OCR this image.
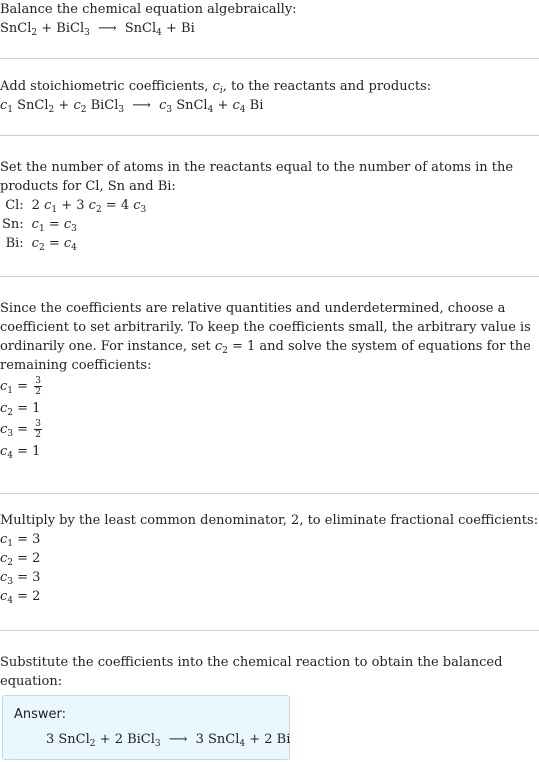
Balance the chemical equation algebraically:
SnCl$_2$ + BiCl$_3$ ⟶ SnCl$_4$ + Bi
Add stoichiometric coefficients, $c_i$, to the reactants and products:
$c_1$ SnCl$_2$ + $c_2$ BiCl$_3$ ⟶ $c_3$ SnCl$_4$ + $c_4$ Bi
Set the number of atoms in the reactants equal to the number of atoms in the
products for Cl, Sn and Bi:
Cl:	2 $c_1 + 3$ $c_2 = 4$ $c_3$
Sn:	$c_1 = c_3$
Bi:	$c_2 = c_4$
Since the coefficients are relative quantities and underdetermined, choose a
coefficient to set arbitrarily. To keep the coefficients small, the arbitrary value is
ordinarily one. For instance, set $c_2 = 1$ and solve the system of equations for the
remaining coefficients:
$c_1 = \frac{3}{2}$
$c_2 = 1$
$c_3 = \frac{3}{2}$
$c_4 = 1$
Multiply by the least common denominator, 2, to eliminate fractional coefficients:
$c_1 = 3$
$c_2 = 2$
$c_3 = 3$
$c_4 = 2$
Substitute the coefficients into the chemical reaction to obtain the balanced
equation:
Answer:
3 SnCl$_2$ + 2 BiCl$_3$ ⟶ 3 SnCl$_4$ + 2 Bi
